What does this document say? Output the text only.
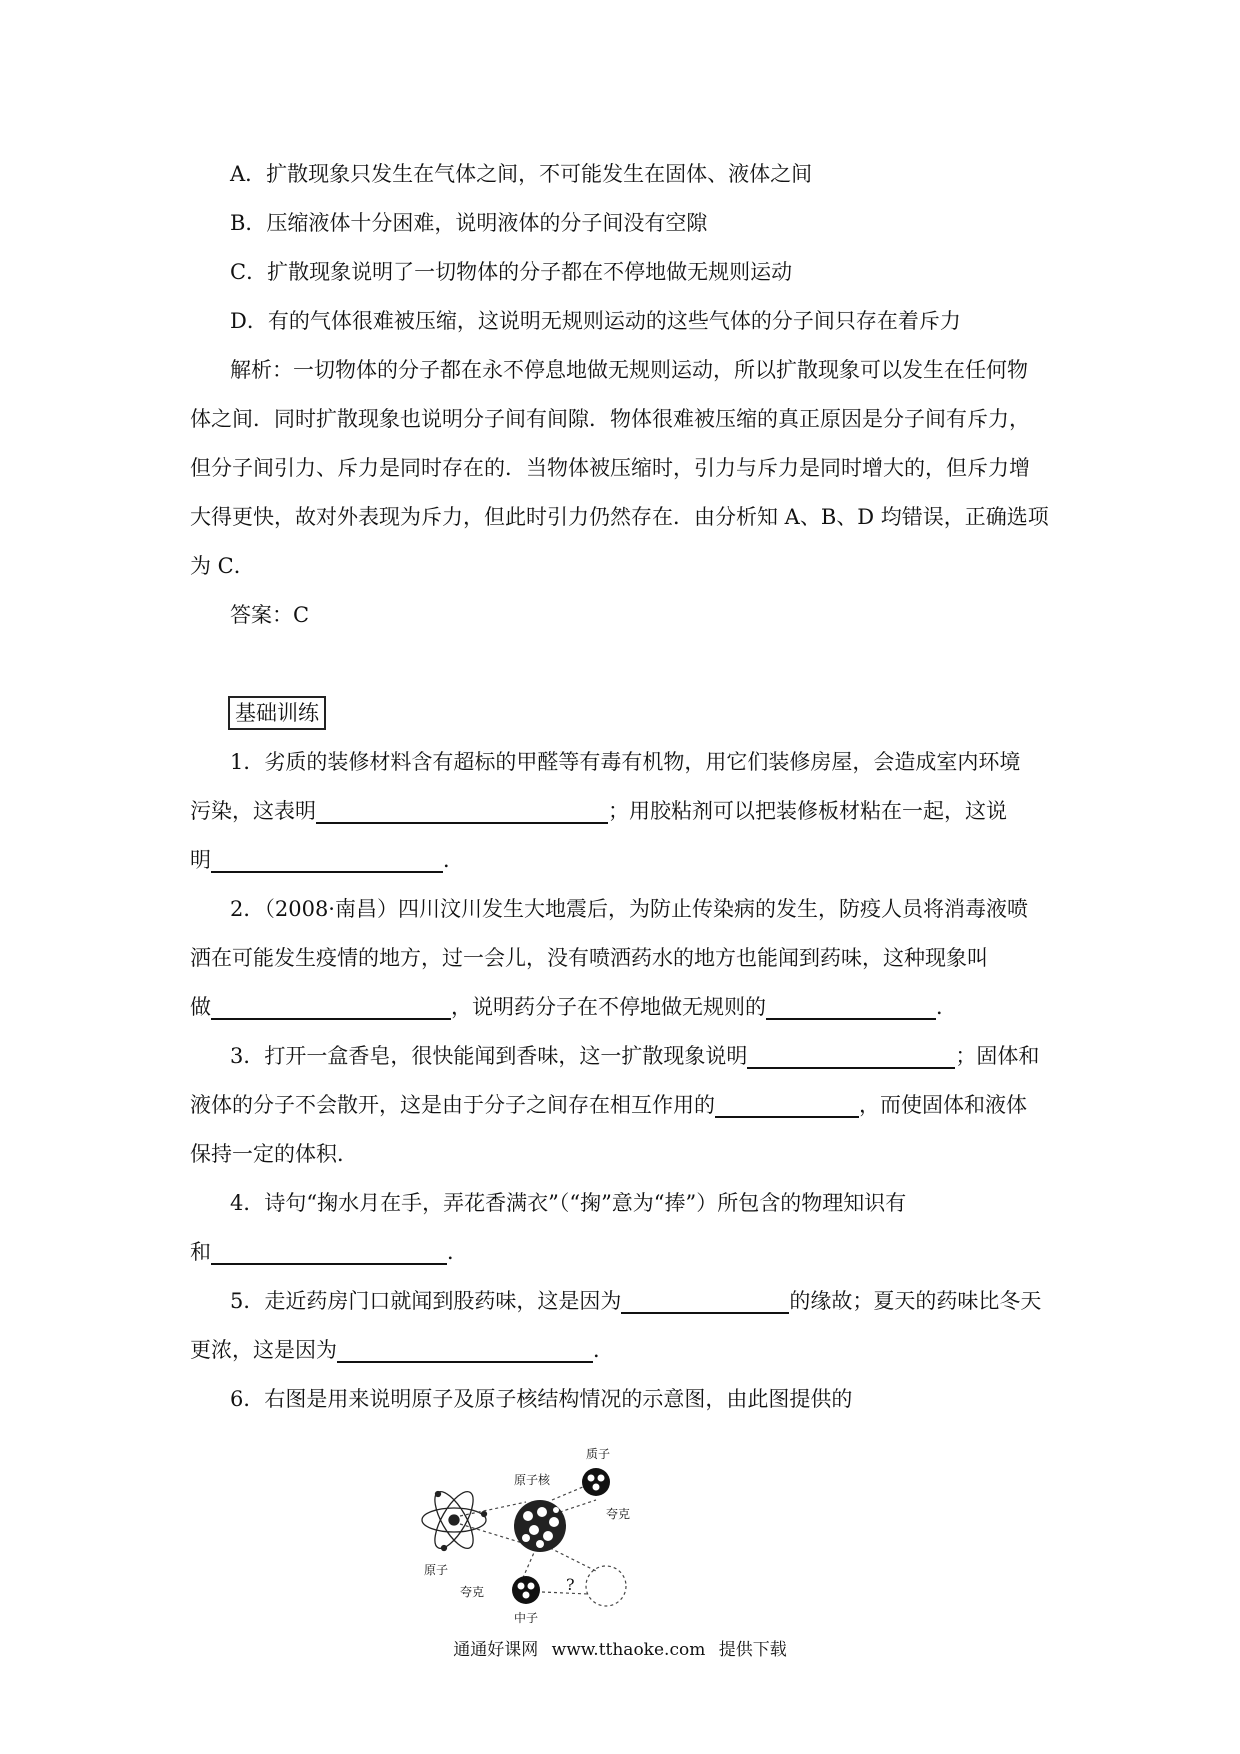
A．扩散现象只发生在气体之间，不可能发生在固体、液体之间
B．压缩液体十分困难，说明液体的分子间没有空隙
C．扩散现象说明了一切物体的分子都在不停地做无规则运动
D．有的气体很难被压缩，这说明无规则运动的这些气体的分子间只存在着斥力
解析：一切物体的分子都在永不停息地做无规则运动，所以扩散现象可以发生在任何物
体之间．同时扩散现象也说明分子间有间隙．物体很难被压缩的真正原因是分子间有斥力，
但分子间引力、斥力是同时存在的．当物体被压缩时，引力与斥力是同时增大的，但斥力增
大得更快，故对外表现为斥力，但此时引力仍然存在．由分析知 A、B、D 均错误，正确选项
为 C．
答案：C
基础训练
1．劣质的装修材料含有超标的甲醛等有毒有机物，用它们装修房屋，会造成室内环境
污染，这表明	；用胶粘剂可以把装修板材粘在一起，这说
明	．
2．（2008·南昌）四川汶川发生大地震后，为防止传染病的发生，防疫人员将消毒液喷
洒在可能发生疫情的地方，过一会儿，没有喷洒药水的地方也能闻到药味，这种现象叫
做	，说明药分子在不停地做无规则的	．
3．打开一盒香皂，很快能闻到香味，这一扩散现象说明	；固体和
液体的分子不会散开，这是由于分子之间存在相互作用的	，而使固体和液体
保持一定的体积．
4．诗句“掬水月在手，弄花香满衣”（“掬”意为“捧”）所包含的物理知识有
和	．
5．走近药房门口就闻到股药味，这是因为	的缘故；夏天的药味比冬天
更浓，这是因为	．
6．右图是用来说明原子及原子核结构情况的示意图，由此图提供的
质子
原子核
夸克
原子
夸克
中子
?
通通好课网 www.tthaoke.com 提供下载
